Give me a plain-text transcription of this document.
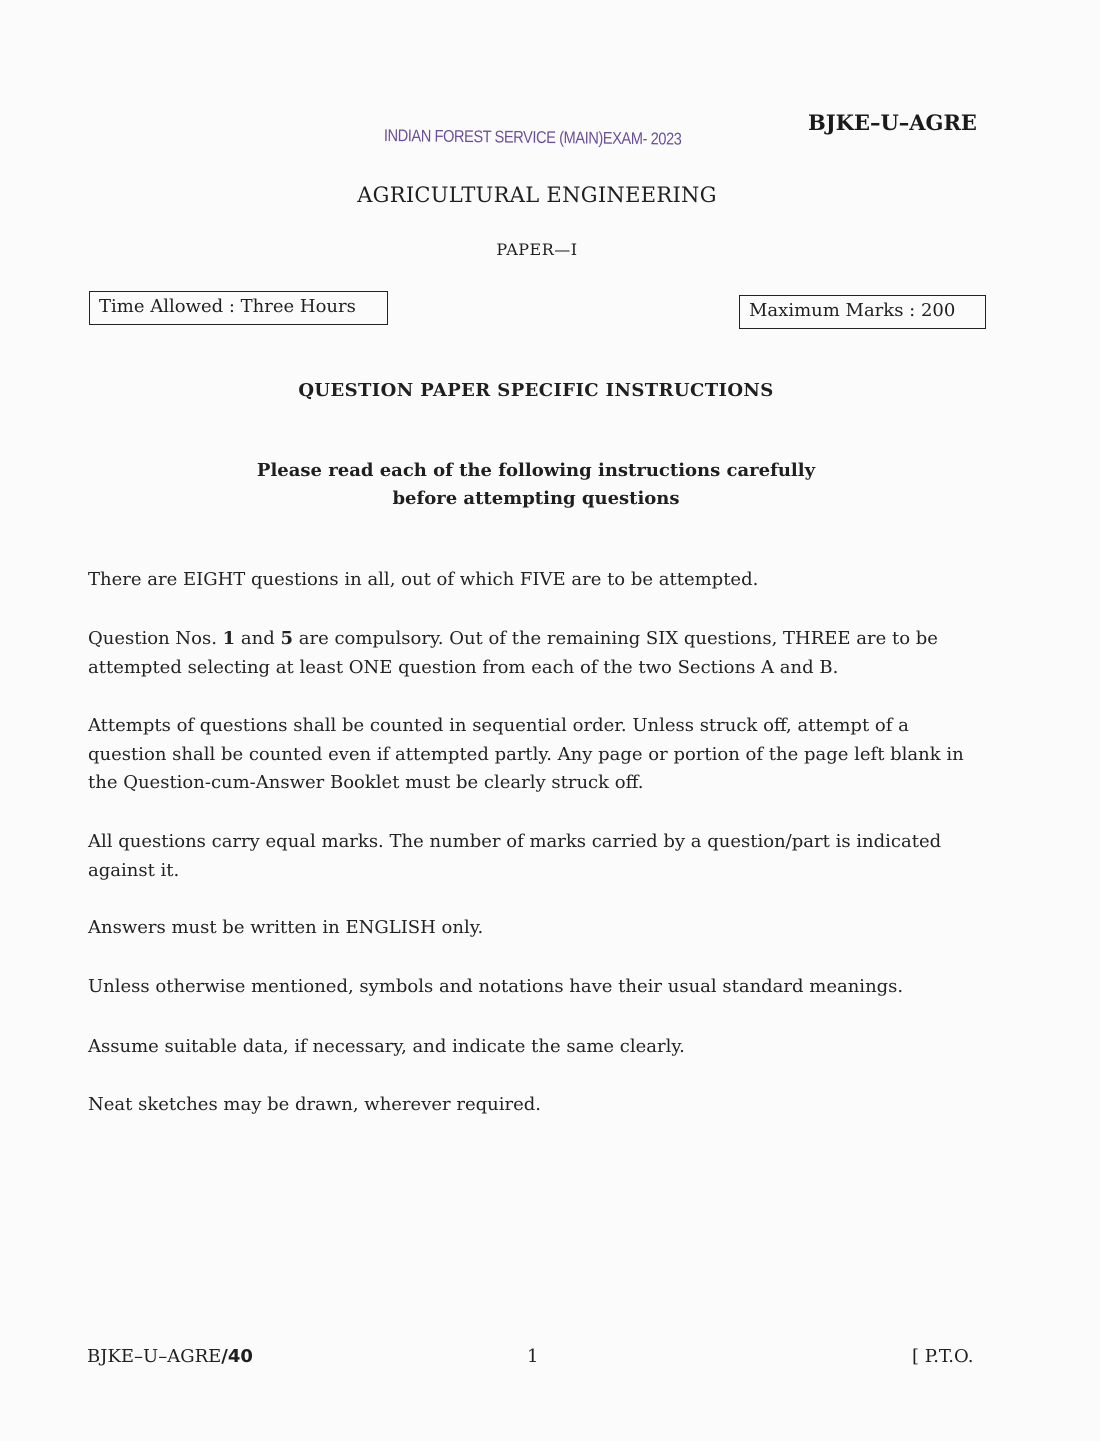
INDIAN FOREST SERVICE (MAIN)EXAM- 2023
BJKE–U–AGRE
AGRICULTURAL ENGINEERING
PAPER—I
Time Allowed : Three Hours	Maximum Marks : 200
QUESTION PAPER SPECIFIC INSTRUCTIONS
Please read each of the following instructions carefully
before attempting questions
There are EIGHT questions in all, out of which FIVE are to be attempted.
Question Nos. 1 and 5 are compulsory. Out of the remaining SIX questions, THREE are to be attempted selecting at least ONE question from each of the two Sections A and B.
Attempts of questions shall be counted in sequential order. Unless struck off, attempt of a question shall be counted even if attempted partly. Any page or portion of the page left blank in the Question-cum-Answer Booklet must be clearly struck off.
All questions carry equal marks. The number of marks carried by a question/part is indicated against it.
Answers must be written in ENGLISH only.
Unless otherwise mentioned, symbols and notations have their usual standard meanings.
Assume suitable data, if necessary, and indicate the same clearly.
Neat sketches may be drawn, wherever required.
BJKE–U–AGRE/40	1	[ P.T.O.
